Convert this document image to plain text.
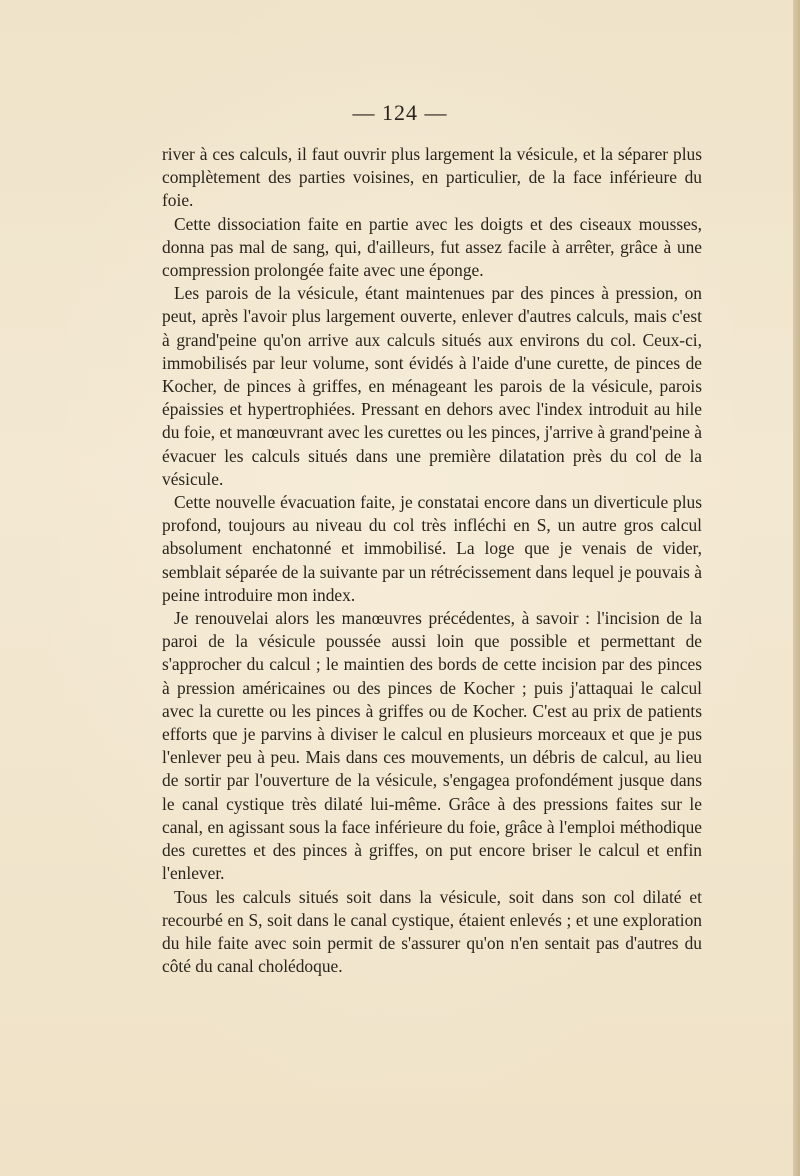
— 124 —

river à ces calculs, il faut ouvrir plus largement la vésicule, et la séparer plus complètement des parties voisines, en particulier, de la face inférieure du foie.

Cette dissociation faite en partie avec les doigts et des ciseaux mousses, donna pas mal de sang, qui, d'ailleurs, fut assez facile à arrêter, grâce à une compression prolongée faite avec une éponge.

Les parois de la vésicule, étant maintenues par des pinces à pression, on peut, après l'avoir plus largement ouverte, enlever d'autres calculs, mais c'est à grand'peine qu'on arrive aux calculs situés aux environs du col. Ceux-ci, immobilisés par leur volume, sont évidés à l'aide d'une curette, de pinces de Kocher, de pinces à griffes, en ménageant les parois de la vésicule, parois épaissies et hypertrophiées. Pressant en dehors avec l'index introduit au hile du foie, et manœuvrant avec les curettes ou les pinces, j'arrive à grand'peine à évacuer les calculs situés dans une première dilatation près du col de la vésicule.

Cette nouvelle évacuation faite, je constatai encore dans un diverticule plus profond, toujours au niveau du col très infléchi en S, un autre gros calcul absolument enchatonné et immobilisé. La loge que je venais de vider, semblait séparée de la suivante par un rétrécissement dans lequel je pouvais à peine introduire mon index.

Je renouvelai alors les manœuvres précédentes, à savoir : l'incision de la paroi de la vésicule poussée aussi loin que possible et permettant de s'approcher du calcul ; le maintien des bords de cette incision par des pinces à pression américaines ou des pinces de Kocher ; puis j'attaquai le calcul avec la curette ou les pinces à griffes ou de Kocher. C'est au prix de patients efforts que je parvins à diviser le calcul en plusieurs morceaux et que je pus l'enlever peu à peu. Mais dans ces mouvements, un débris de calcul, au lieu de sortir par l'ouverture de la vésicule, s'engagea profondément jusque dans le canal cystique très dilaté lui-même. Grâce à des pressions faites sur le canal, en agissant sous la face inférieure du foie, grâce à l'emploi méthodique des curettes et des pinces à griffes, on put encore briser le calcul et enfin l'enlever.

Tous les calculs situés soit dans la vésicule, soit dans son col dilaté et recourbé en S, soit dans le canal cystique, étaient enlevés ; et une exploration du hile faite avec soin permit de s'assurer qu'on n'en sentait pas d'autres du côté du canal cholédoque.
